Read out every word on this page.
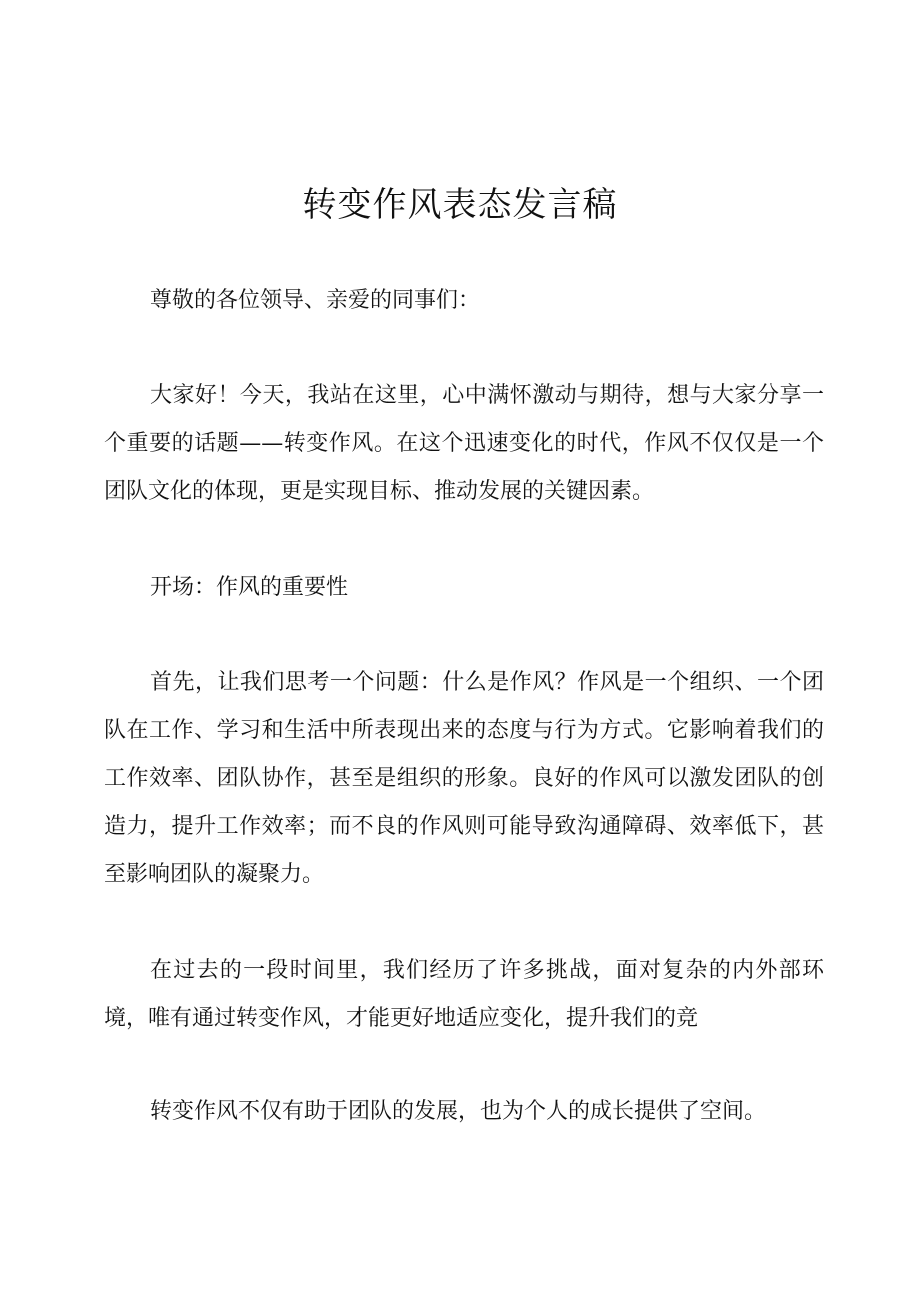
转变作风表态发言稿

尊敬的各位领导、亲爱的同事们：

大家好！今天，我站在这里，心中满怀激动与期待，想与大家分享一个重要的话题——转变作风。在这个迅速变化的时代，作风不仅仅是一个团队文化的体现，更是实现目标、推动发展的关键因素。

开场：作风的重要性

首先，让我们思考一个问题：什么是作风？作风是一个组织、一个团队在工作、学习和生活中所表现出来的态度与行为方式。它影响着我们的工作效率、团队协作，甚至是组织的形象。良好的作风可以激发团队的创造力，提升工作效率；而不良的作风则可能导致沟通障碍、效率低下，甚至影响团队的凝聚力。

在过去的一段时间里，我们经历了许多挑战，面对复杂的内外部环境，唯有通过转变作风，才能更好地适应变化，提升我们的竞

转变作风不仅有助于团队的发展，也为个人的成长提供了空间。
